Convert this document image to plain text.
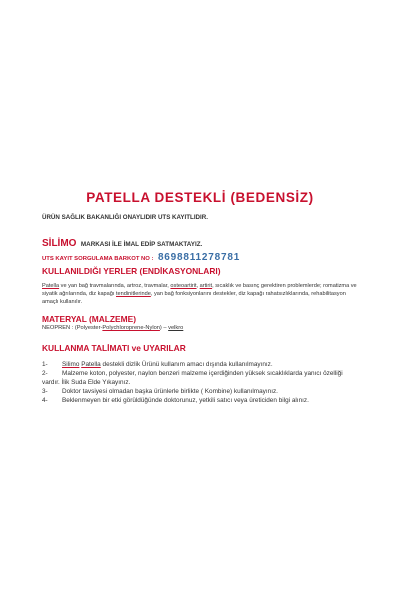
PATELLA DESTEKLİ (BEDENSİZ)
ÜRÜN SAĞLIK BAKANLIĞI ONAYLIDIR UTS KAYITLIDIR.
SİLİMO MARKASI İLE İMAL EDİP SATMAKTAYIZ.
UTS KAYIT SORGULAMA BARKOT NO : 8698811278781
KULLANILDIĞI YERLER (ENDİKASYONLARI)
Patella ve yan bağ travmalarında, artroz, travmalar, osteoartirit, artirit, sıcaklık ve basınç gerektiren problemlerde; romatizma ve siyatik ağrılarında, diz kapağı tendinitlerinde, yan bağ fonksiyonlarını destekler, diz kapağı rahatsızlıklarında, rehabilitasyon amaçlı kullanılır.
MATERYAL (MALZEME)
NEOPREN : (Polyester-Polychloroprene-Nylon) – velkro
KULLANMA TALİMATI ve UYARILAR
1- Silimo Patella destekli dizlik Ürünü kullanım amacı dışında kullanılmayınız.
2- Malzeme koton, polyester, naylon benzeri malzeme içerdiğinden yüksek sıcaklıklarda yanıcı özelliği vardır. İlik Suda Elde Yıkayınız.
3- Doktor tavsiyesi olmadan başka ürünlerle birlikte ( Kombine) kullanılmayınız.
4- Beklenmeyen bir etki görüldüğünde doktorunuz, yetkili satıcı veya üreticiden bilgi alınız.
